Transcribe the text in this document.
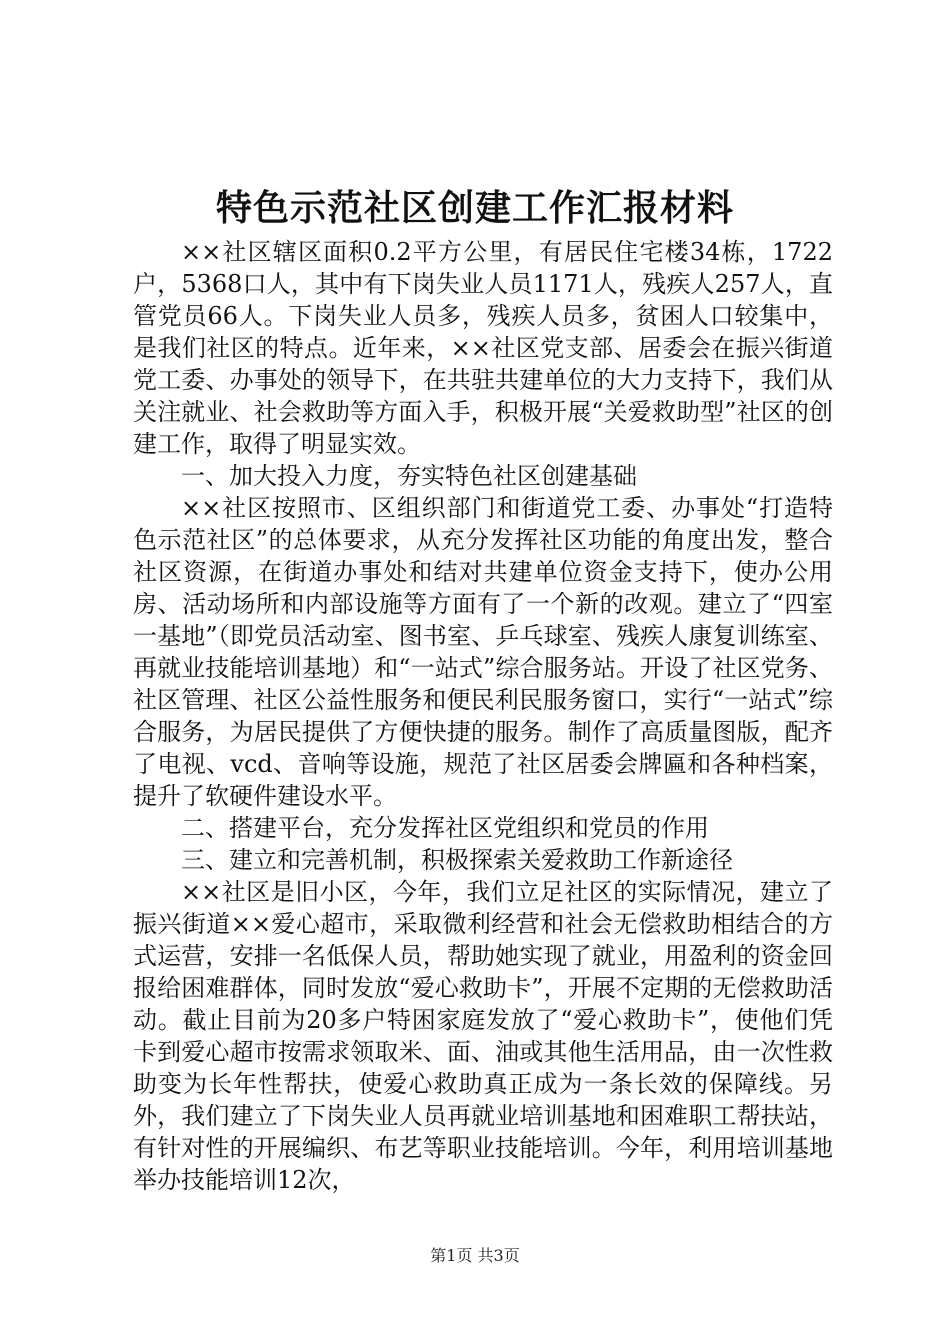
特色示范社区创建工作汇报材料

××社区辖区面积0.2平方公里，有居民住宅楼34栋，1722户，5368口人，其中有下岗失业人员1171人，残疾人257人，直管党员66人。下岗失业人员多，残疾人员多，贫困人口较集中，是我们社区的特点。近年来，××社区党支部、居委会在振兴街道党工委、办事处的领导下，在共驻共建单位的大力支持下，我们从关注就业、社会救助等方面入手，积极开展“关爱救助型”社区的创建工作，取得了明显实效。

一、加大投入力度，夯实特色社区创建基础

××社区按照市、区组织部门和街道党工委、办事处“打造特色示范社区”的总体要求，从充分发挥社区功能的角度出发，整合社区资源，在街道办事处和结对共建单位资金支持下，使办公用房、活动场所和内部设施等方面有了一个新的改观。建立了“四室一基地”（即党员活动室、图书室、乒乓球室、残疾人康复训练室、再就业技能培训基地）和“一站式”综合服务站。开设了社区党务、社区管理、社区公益性服务和便民利民服务窗口，实行“一站式”综合服务，为居民提供了方便快捷的服务。制作了高质量图版，配齐了电视、vcd、音响等设施，规范了社区居委会牌匾和各种档案，提升了软硬件建设水平。

二、搭建平台，充分发挥社区党组织和党员的作用

三、建立和完善机制，积极探索关爱救助工作新途径

××社区是旧小区，今年，我们立足社区的实际情况，建立了振兴街道××爱心超市，采取微利经营和社会无偿救助相结合的方式运营，安排一名低保人员，帮助她实现了就业，用盈利的资金回报给困难群体，同时发放“爱心救助卡”，开展不定期的无偿救助活动。截止目前为20多户特困家庭发放了“爱心救助卡”，使他们凭卡到爱心超市按需求领取米、面、油或其他生活用品，由一次性救助变为长年性帮扶，使爱心救助真正成为一条长效的保障线。另外，我们建立了下岗失业人员再就业培训基地和困难职工帮扶站，有针对性的开展编织、布艺等职业技能培训。今年，利用培训基地举办技能培训12次，

第1页 共3页
